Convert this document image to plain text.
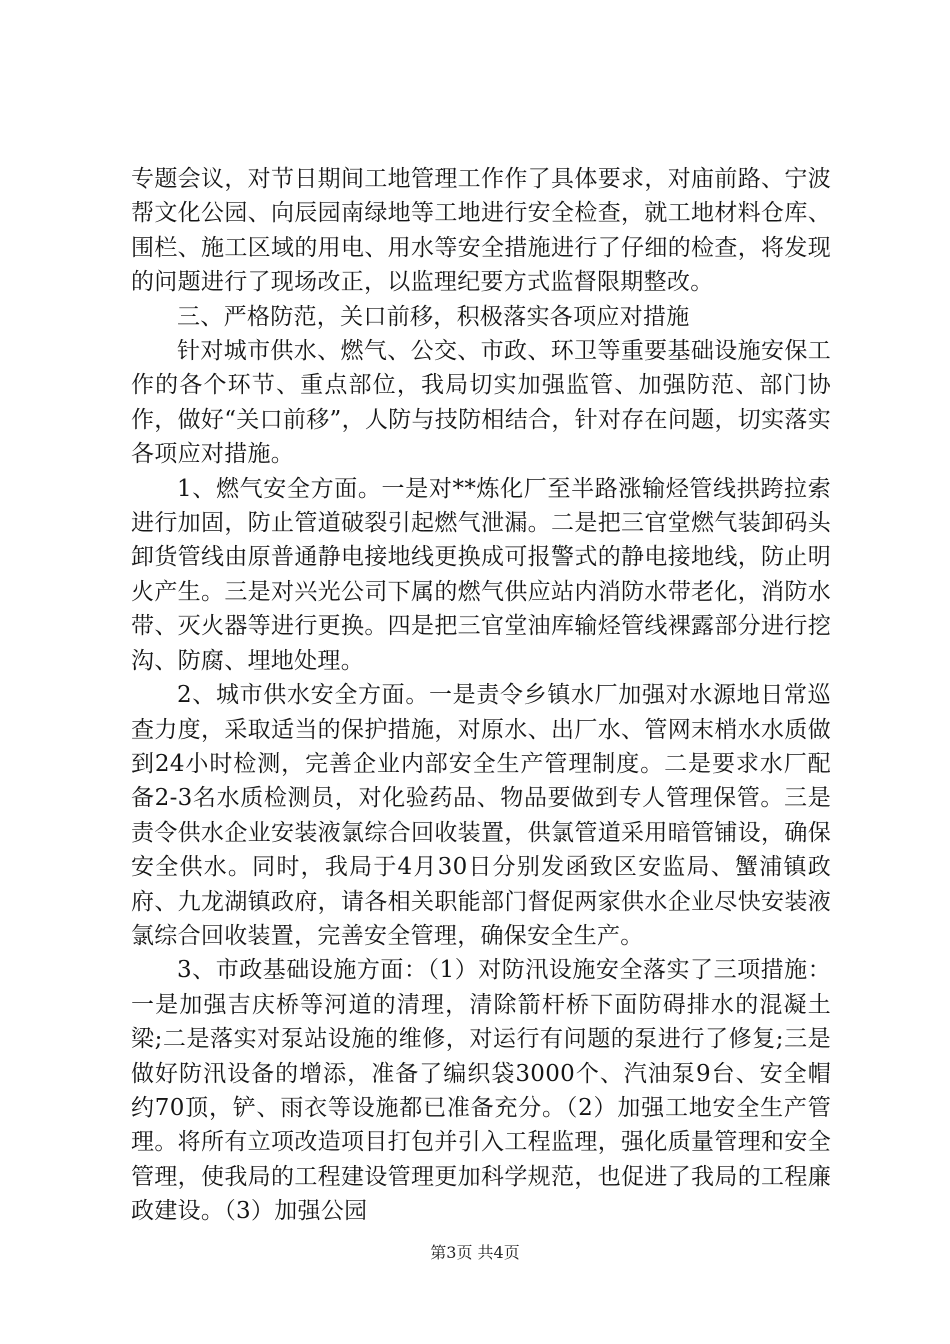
专题会议，对节日期间工地管理工作作了具体要求，对庙前路、宁波帮文化公园、向辰园南绿地等工地进行安全检查，就工地材料仓库、围栏、施工区域的用电、用水等安全措施进行了仔细的检查，将发现的问题进行了现场改正，以监理纪要方式监督限期整改。

三、严格防范，关口前移，积极落实各项应对措施

针对城市供水、燃气、公交、市政、环卫等重要基础设施安保工作的各个环节、重点部位，我局切实加强监管、加强防范、部门协作，做好“关口前移”，人防与技防相结合，针对存在问题，切实落实各项应对措施。

1、燃气安全方面。一是对**炼化厂至半路涨输烃管线拱跨拉索进行加固，防止管道破裂引起燃气泄漏。二是把三官堂燃气装卸码头卸货管线由原普通静电接地线更换成可报警式的静电接地线，防止明火产生。三是对兴光公司下属的燃气供应站内消防水带老化，消防水带、灭火器等进行更换。四是把三官堂油库输烃管线裸露部分进行挖沟、防腐、埋地处理。

2、城市供水安全方面。一是责令乡镇水厂加强对水源地日常巡查力度，采取适当的保护措施，对原水、出厂水、管网末梢水水质做到24小时检测，完善企业内部安全生产管理制度。二是要求水厂配备2-3名水质检测员，对化验药品、物品要做到专人管理保管。三是责令供水企业安装液氯综合回收装置，供氯管道采用暗管铺设，确保安全供水。同时，我局于4月30日分别发函致区安监局、蟹浦镇政府、九龙湖镇政府，请各相关职能部门督促两家供水企业尽快安装液氯综合回收装置，完善安全管理，确保安全生产。

3、市政基础设施方面：（1）对防汛设施安全落实了三项措施：一是加强吉庆桥等河道的清理，清除箭杆桥下面防碍排水的混凝土梁;二是落实对泵站设施的维修，对运行有问题的泵进行了修复;三是做好防汛设备的增添，准备了编织袋3000个、汽油泵9台、安全帽约70顶，铲、雨衣等设施都已准备充分。（2）加强工地安全生产管理。将所有立项改造项目打包并引入工程监理，强化质量管理和安全管理，使我局的工程建设管理更加科学规范，也促进了我局的工程廉政建设。（3）加强公园

第3页 共4页
